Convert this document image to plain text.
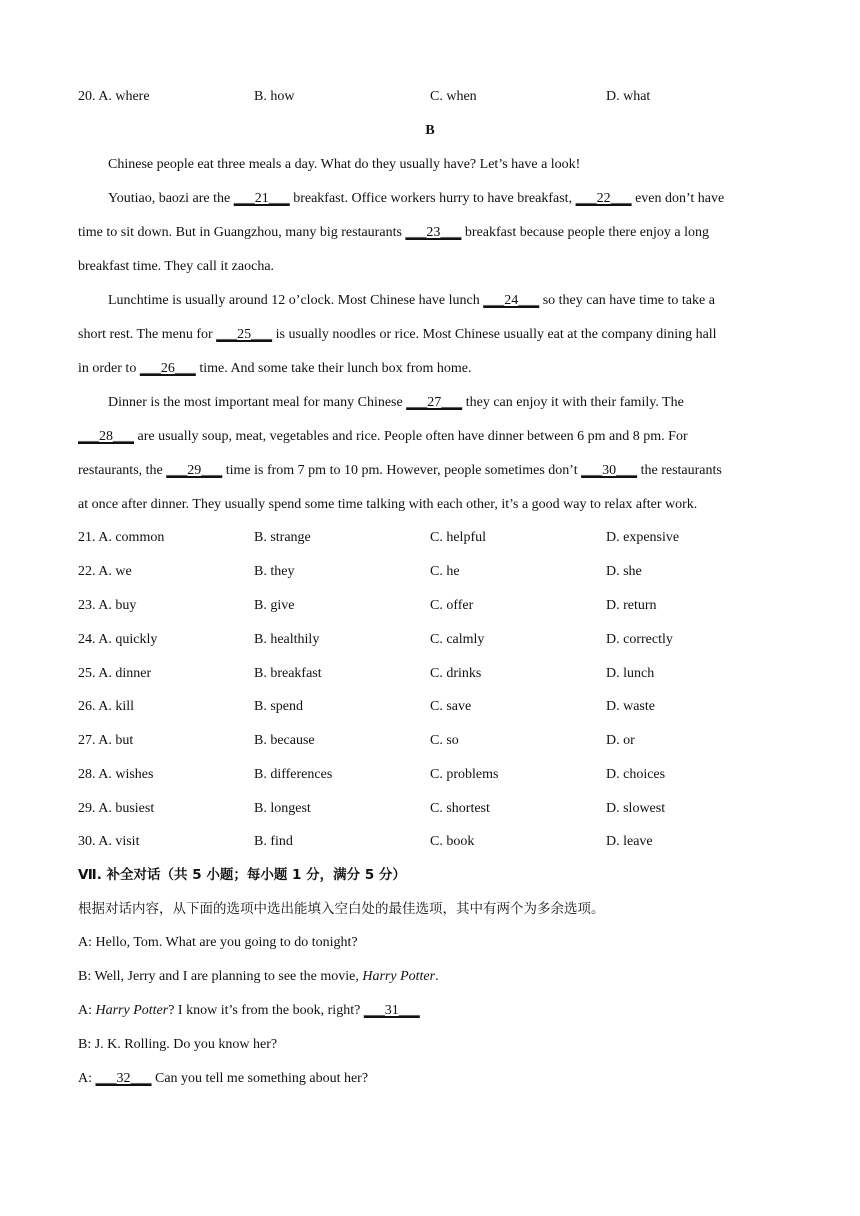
20. A. where	B. how	C. when	D. what
B
Chinese people eat three meals a day. What do they usually have? Let’s have a look!
Youtiao, baozi are the ___21___ breakfast. Office workers hurry to have breakfast, ___22___ even don’t have
time to sit down. But in Guangzhou, many big restaurants ___23___ breakfast because people there enjoy a long
breakfast time. They call it zaocha.
Lunchtime is usually around 12 o’clock. Most Chinese have lunch ___24___ so they can have time to take a
short rest. The menu for ___25___ is usually noodles or rice. Most Chinese usually eat at the company dining hall
in order to ___26___ time. And some take their lunch box from home.
Dinner is the most important meal for many Chinese ___27___ they can enjoy it with their family. The
___28___ are usually soup, meat, vegetables and rice. People often have dinner between 6 pm and 8 pm. For
restaurants, the ___29___ time is from 7 pm to 10 pm. However, people sometimes don’t ___30___ the restaurants
at once after dinner. They usually spend some time talking with each other, it’s a good way to relax after work.
21. A. common	B. strange	C. helpful	D. expensive
22. A. we	B. they	C. he	D. she
23. A. buy	B. give	C. offer	D. return
24. A. quickly	B. healthily	C. calmly	D. correctly
25. A. dinner	B. breakfast	C. drinks	D. lunch
26. A. kill	B. spend	C. save	D. waste
27. A. but	B. because	C. so	D. or
28. A. wishes	B. differences	C. problems	D. choices
29. A. busiest	B. longest	C. shortest	D. slowest
30. A. visit	B. find	C. book	D. leave
Ⅶ. 补全对话（共 5 小题；每小题 1 分，满分 5 分）
根据对话内容，从下面的选项中选出能填入空白处的最佳选项，其中有两个为多余选项。
A: Hello, Tom. What are you going to do tonight?
B: Well, Jerry and I are planning to see the movie, Harry Potter.
A: Harry Potter? I know it’s from the book, right? ___31___
B: J. K. Rolling. Do you know her?
A: ___32___ Can you tell me something about her?
